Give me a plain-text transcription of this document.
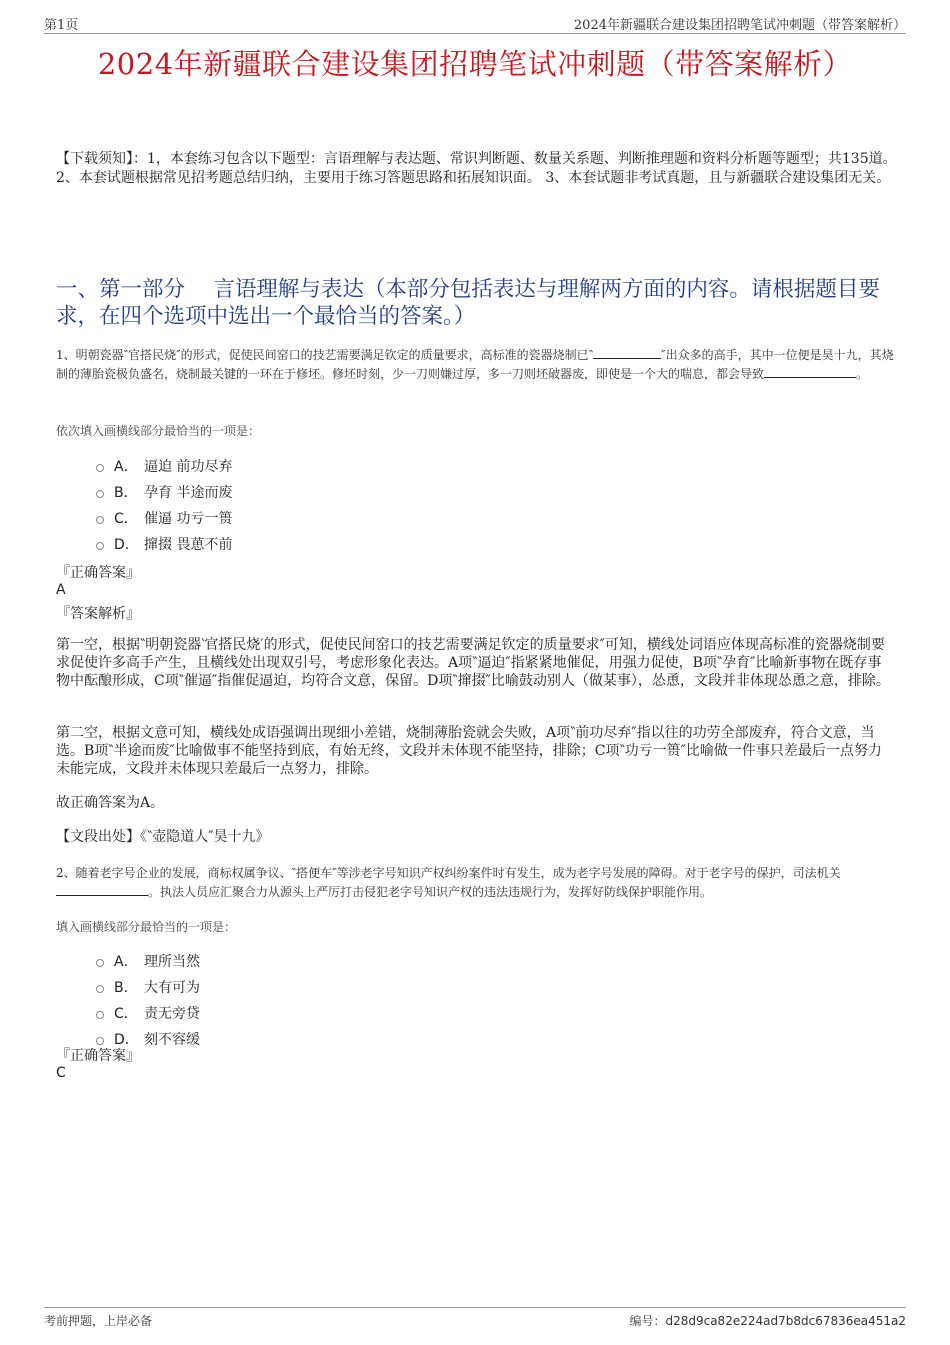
第1页	2024年新疆联合建设集团招聘笔试冲刺题（带答案解析）
2024年新疆联合建设集团招聘笔试冲刺题（带答案解析）
【下载须知】：1，本套练习包含以下题型：言语理解与表达题、常识判断题、数量关系题、判断推理题和资料分析题等题型；共135道。 2、本套试题根据常见招考题总结归纳，主要用于练习答题思路和拓展知识面。 3、本套试题非考试真题，且与新疆联合建设集团无关。
一、第一部分　 言语理解与表达（本部分包括表达与理解两方面的内容。请根据题目要求，在四个选项中选出一个最恰当的答案。）
1、明朝瓷器‶官搭民烧″的形式，促使民间窑口的技艺需要满足钦定的质量要求，高标准的瓷器烧制已‶	″出众多的高手，其中一位便是昊十九，其烧制的薄胎瓷极负盛名，烧制最关键的一环在于修坯。修坯时刻，少一刀则嫌过厚，多一刀则坯破器废，即使是一个大的喘息，都会导致	。
依次填入画横线部分最恰当的一项是：
A． 逼迫 前功尽弃
B． 孕育 半途而废
C． 催逼 功亏一篑
D． 撺掇 畏葸不前
『正确答案』
A
『答案解析』
第一空，根据‶明朝瓷器‵官搭民烧′的形式，促使民间窑口的技艺需要满足钦定的质量要求″可知，横线处词语应体现高标准的瓷器烧制要求促使许多高手产生，且横线处出现双引号，考虑形象化表达。A项‶逼迫″指紧紧地催促，用强力促使，B项‶孕育″比喻新事物在既存事物中酝酿形成，C项‶催逼″指催促逼迫，均符合文意，保留。D项‶撺掇″比喻鼓动别人（做某事），怂恿，文段并非体现怂恿之意，排除。
第二空，根据文意可知，横线处成语强调出现细小差错，烧制薄胎瓷就会失败，A项‶前功尽弃″指以往的功劳全部废弃，符合文意，当选。B项‶半途而废″比喻做事不能坚持到底，有始无终，文段并未体现不能坚持，排除；C项‶功亏一篑″比喻做一件事只差最后一点努力未能完成，文段并未体现只差最后一点努力，排除。
故正确答案为A。
【文段出处】《‶壶隐道人″昊十九》
2、随着老字号企业的发展，商标权属争议、‶搭便车″等涉老字号知识产权纠纷案件时有发生，成为老字号发展的障碍。对于老字号的保护，司法机关。执法人员应汇聚合力从源头上严厉打击侵犯老字号知识产权的违法违规行为，发挥好防线保护职能作用。
填入画横线部分最恰当的一项是：
A． 理所当然
B． 大有可为
C． 责无旁贷
D． 刻不容缓
『正确答案』
C
考前押题，上岸必备	编号：d28d9ca82e224ad7b8dc67836ea451a2
